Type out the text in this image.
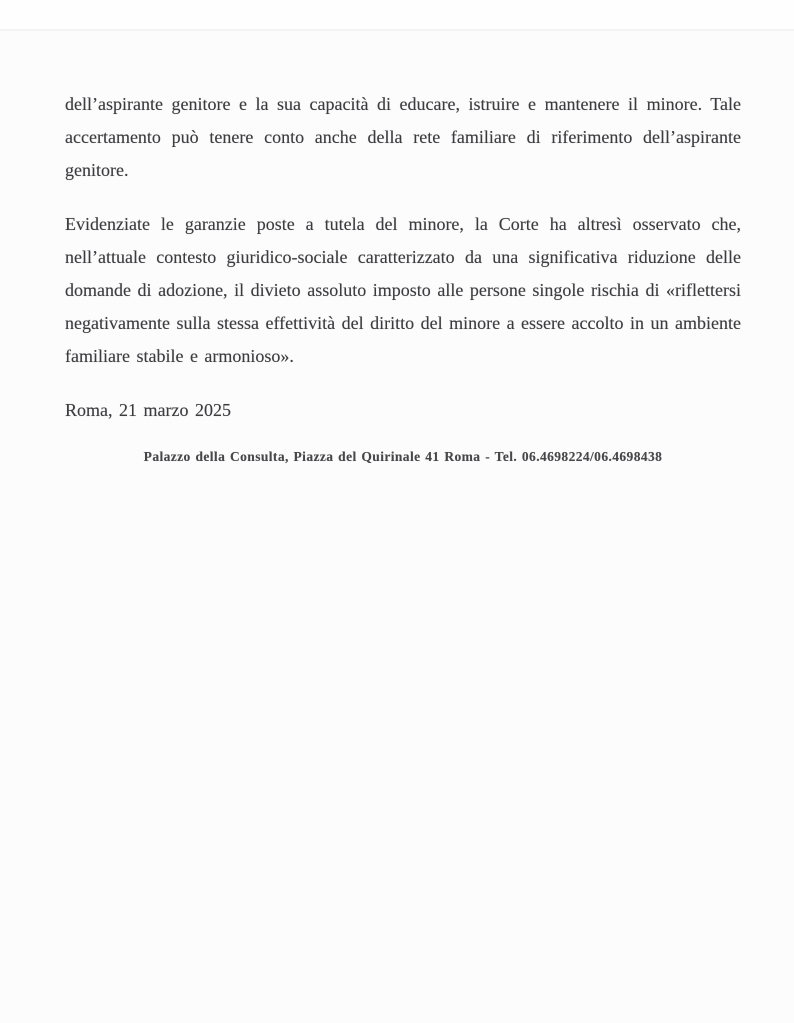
dell’aspirante genitore e la sua capacità di educare, istruire e mantenere il minore. Tale accertamento può tenere conto anche della rete familiare di riferimento dell’aspirante genitore.

Evidenziate le garanzie poste a tutela del minore, la Corte ha altresì osservato che, nell’attuale contesto giuridico-sociale caratterizzato da una significativa riduzione delle domande di adozione, il divieto assoluto imposto alle persone singole rischia di «riflettersi negativamente sulla stessa effettività del diritto del minore a essere accolto in un ambiente familiare stabile e armonioso».

Roma, 21 marzo 2025

Palazzo della Consulta, Piazza del Quirinale 41 Roma - Tel. 06.4698224/06.4698438
